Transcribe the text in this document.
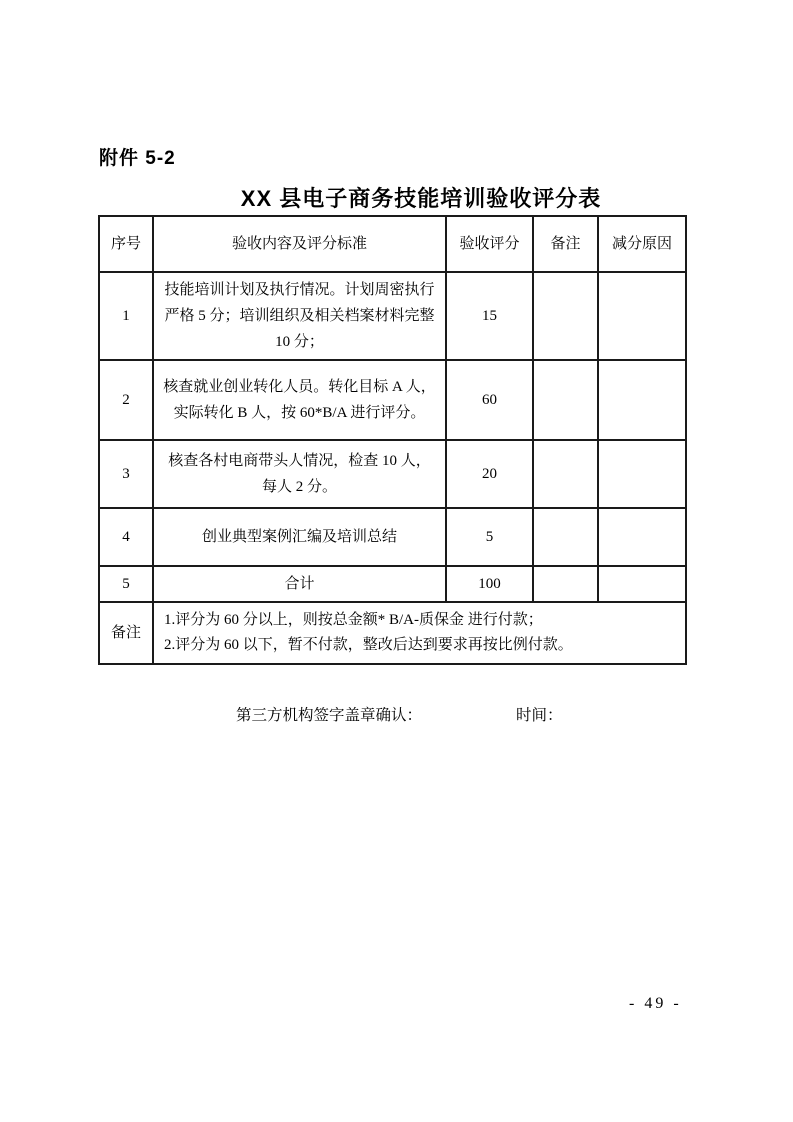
附件 5-2
XX 县电子商务技能培训验收评分表
序号	验收内容及评分标准	验收评分	备注	减分原因
1	技能培训计划及执行情况。计划周密执行严格 5 分；培训组织及相关档案材料完整 10 分；	15		
2	核查就业创业转化人员。转化目标 A 人，实际转化 B 人，按 60*B/A 进行评分。	60		
3	核查各村电商带头人情况，检查 10 人，每人 2 分。	20		
4	创业典型案例汇编及培训总结	5		
5	合计	100		
备注	1.评分为 60 分以上，则按总金额* B/A-质保金 进行付款；
2.评分为 60 以下，暂不付款，整改后达到要求再按比例付款。			
第三方机构签字盖章确认：	时间：
- 49 -
